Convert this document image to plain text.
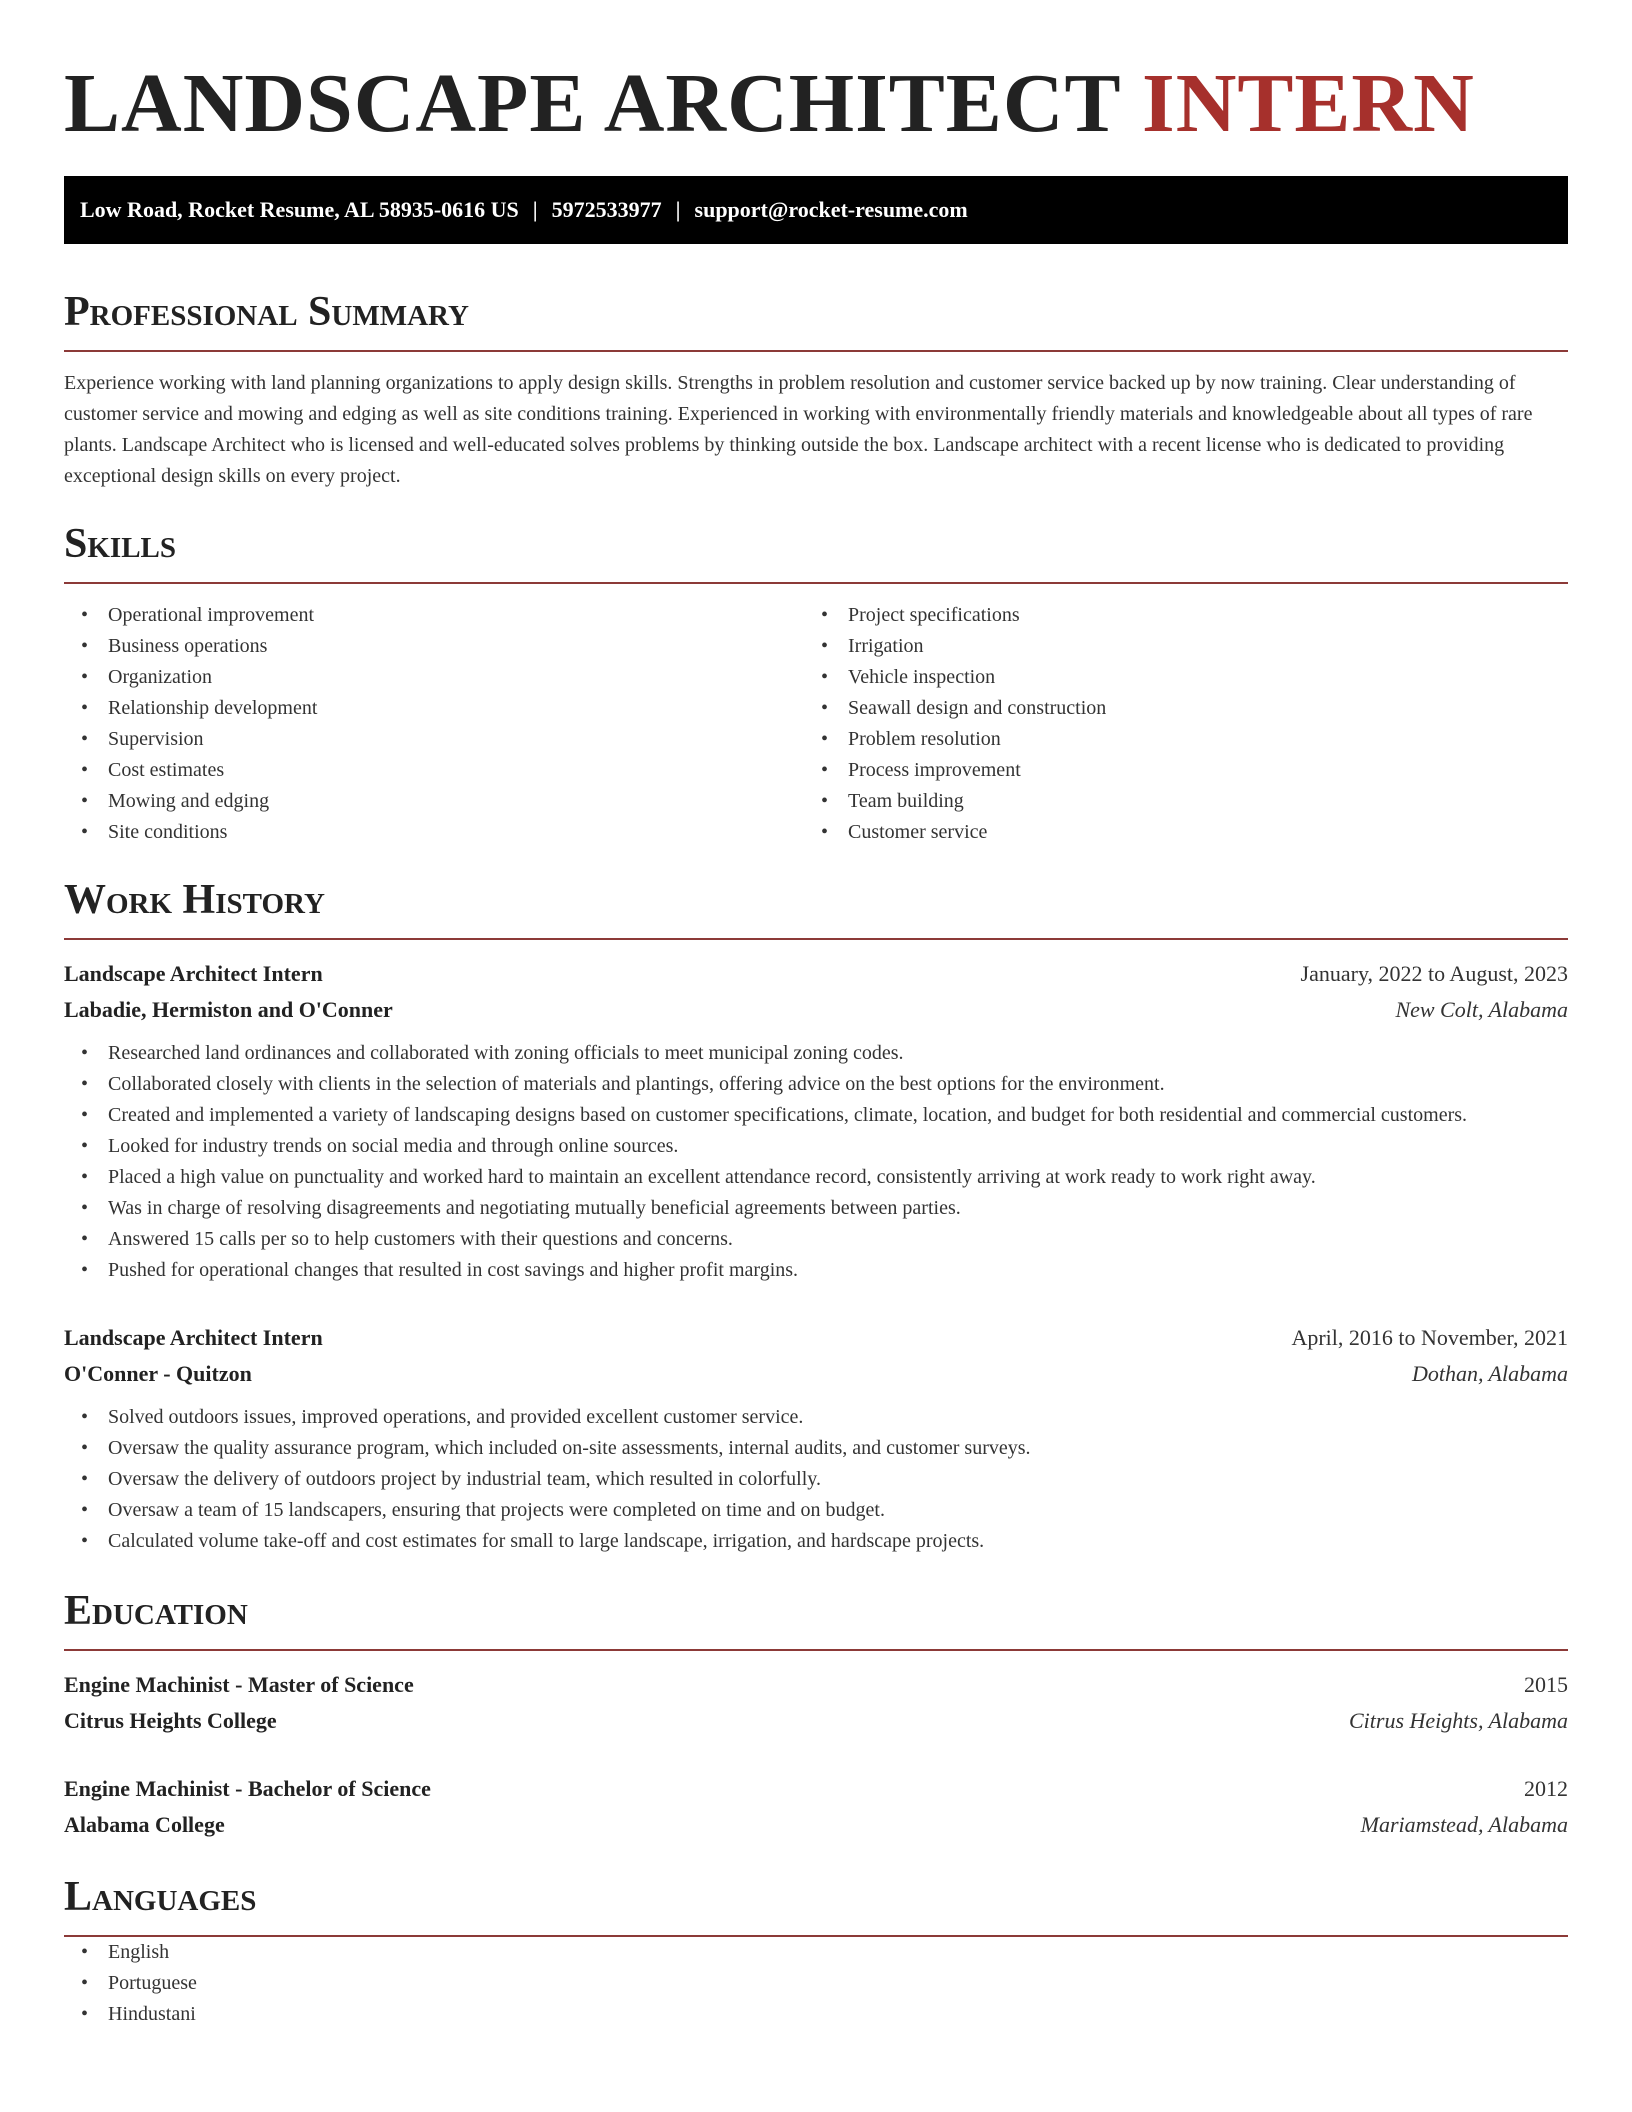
LANDSCAPE ARCHITECT INTERN
Low Road, Rocket Resume, AL 58935-0616 US | 5972533977 | support@rocket-resume.com
Professional Summary
Experience working with land planning organizations to apply design skills. Strengths in problem resolution and customer service backed up by now training. Clear understanding of customer service and mowing and edging as well as site conditions training. Experienced in working with environmentally friendly materials and knowledgeable about all types of rare plants. Landscape Architect who is licensed and well-educated solves problems by thinking outside the box. Landscape architect with a recent license who is dedicated to providing exceptional design skills on every project.
Skills
• Operational improvement
• Business operations
• Organization
• Relationship development
• Supervision
• Cost estimates
• Mowing and edging
• Site conditions
• Project specifications
• Irrigation
• Vehicle inspection
• Seawall design and construction
• Problem resolution
• Process improvement
• Team building
• Customer service
Work History
Landscape Architect Intern	January, 2022 to August, 2023
Labadie, Hermiston and O'Conner	New Colt, Alabama
• Researched land ordinances and collaborated with zoning officials to meet municipal zoning codes.
• Collaborated closely with clients in the selection of materials and plantings, offering advice on the best options for the environment.
• Created and implemented a variety of landscaping designs based on customer specifications, climate, location, and budget for both residential and commercial customers.
• Looked for industry trends on social media and through online sources.
• Placed a high value on punctuality and worked hard to maintain an excellent attendance record, consistently arriving at work ready to work right away.
• Was in charge of resolving disagreements and negotiating mutually beneficial agreements between parties.
• Answered 15 calls per so to help customers with their questions and concerns.
• Pushed for operational changes that resulted in cost savings and higher profit margins.
Landscape Architect Intern	April, 2016 to November, 2021
O'Conner - Quitzon	Dothan, Alabama
• Solved outdoors issues, improved operations, and provided excellent customer service.
• Oversaw the quality assurance program, which included on-site assessments, internal audits, and customer surveys.
• Oversaw the delivery of outdoors project by industrial team, which resulted in colorfully.
• Oversaw a team of 15 landscapers, ensuring that projects were completed on time and on budget.
• Calculated volume take-off and cost estimates for small to large landscape, irrigation, and hardscape projects.
Education
Engine Machinist - Master of Science	2015
Citrus Heights College	Citrus Heights, Alabama
Engine Machinist - Bachelor of Science	2012
Alabama College	Mariamstead, Alabama
Languages
• English
• Portuguese
• Hindustani
